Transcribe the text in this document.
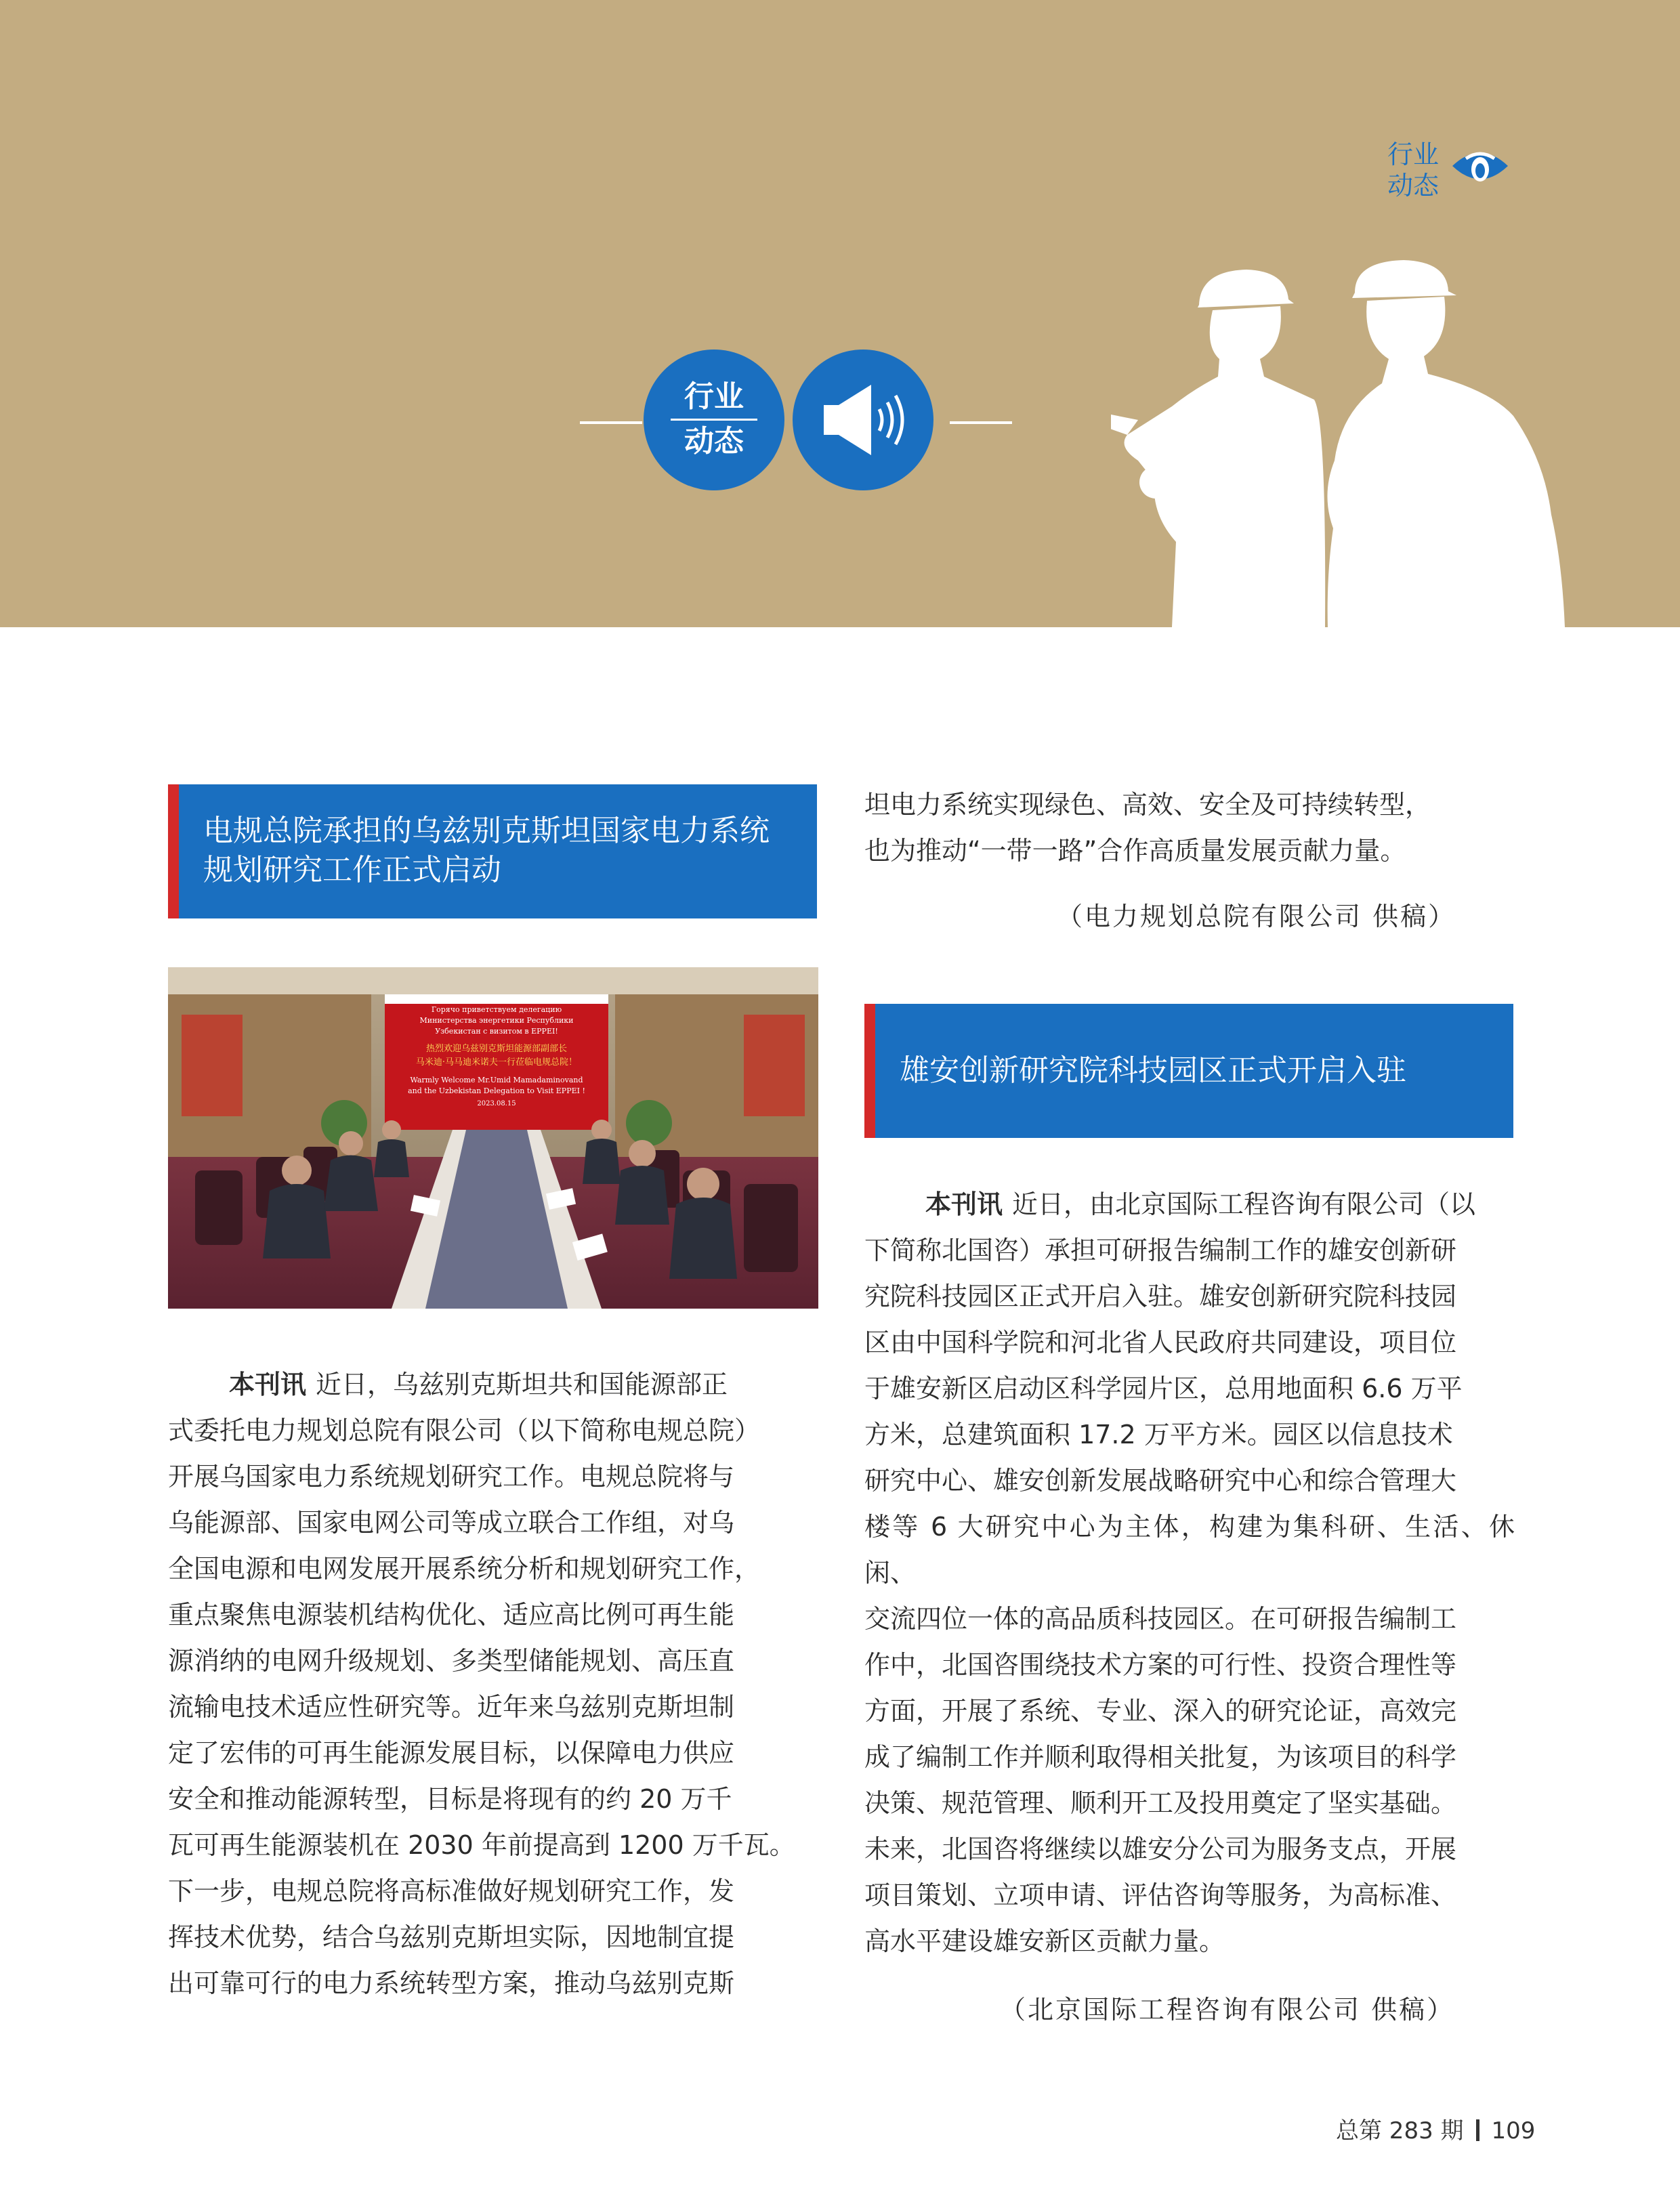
行业
动态
行业
动态
电规总院承担的乌兹别克斯坦国家电力系统
规划研究工作正式启动
Горячо приветствуем делегацию
Министерства энергетики Республики
Узбекистан с визитом в EPPEI!
热烈欢迎乌兹别克斯坦能源部副部长
马米迪·马马迪米诺夫一行莅临电规总院！
Warmly Welcome Mr.Umid Mamadaminovand
and the Uzbekistan Delegation to Visit EPPEI !
2023.08.15
本刊讯 近日，乌兹别克斯坦共和国能源部正
式委托电力规划总院有限公司（以下简称电规总院）
开展乌国家电力系统规划研究工作。电规总院将与
乌能源部、国家电网公司等成立联合工作组，对乌
全国电源和电网发展开展系统分析和规划研究工作，
重点聚焦电源装机结构优化、适应高比例可再生能
源消纳的电网升级规划、多类型储能规划、高压直
流输电技术适应性研究等。近年来乌兹别克斯坦制
定了宏伟的可再生能源发展目标，以保障电力供应
安全和推动能源转型，目标是将现有的约 20 万千
瓦可再生能源装机在 2030 年前提高到 1200 万千瓦。
下一步，电规总院将高标准做好规划研究工作，发
挥技术优势，结合乌兹别克斯坦实际，因地制宜提
出可靠可行的电力系统转型方案，推动乌兹别克斯
坦电力系统实现绿色、高效、安全及可持续转型，
也为推动“一带一路”合作高质量发展贡献力量。
（电力规划总院有限公司 供稿）
雄安创新研究院科技园区正式开启入驻
本刊讯 近日，由北京国际工程咨询有限公司（以
下简称北国咨）承担可研报告编制工作的雄安创新研
究院科技园区正式开启入驻。雄安创新研究院科技园
区由中国科学院和河北省人民政府共同建设，项目位
于雄安新区启动区科学园片区，总用地面积 6.6 万平
方米，总建筑面积 17.2 万平方米。园区以信息技术
研究中心、雄安创新发展战略研究中心和综合管理大
楼等 6 大研究中心为主体，构建为集科研、生活、休闲、
交流四位一体的高品质科技园区。在可研报告编制工
作中，北国咨围绕技术方案的可行性、投资合理性等
方面，开展了系统、专业、深入的研究论证，高效完
成了编制工作并顺利取得相关批复，为该项目的科学
决策、规范管理、顺利开工及投用奠定了坚实基础。
未来，北国咨将继续以雄安分公司为服务支点，开展
项目策划、立项申请、评估咨询等服务，为高标准、
高水平建设雄安新区贡献力量。
（北京国际工程咨询有限公司 供稿）
总第 283 期 109
